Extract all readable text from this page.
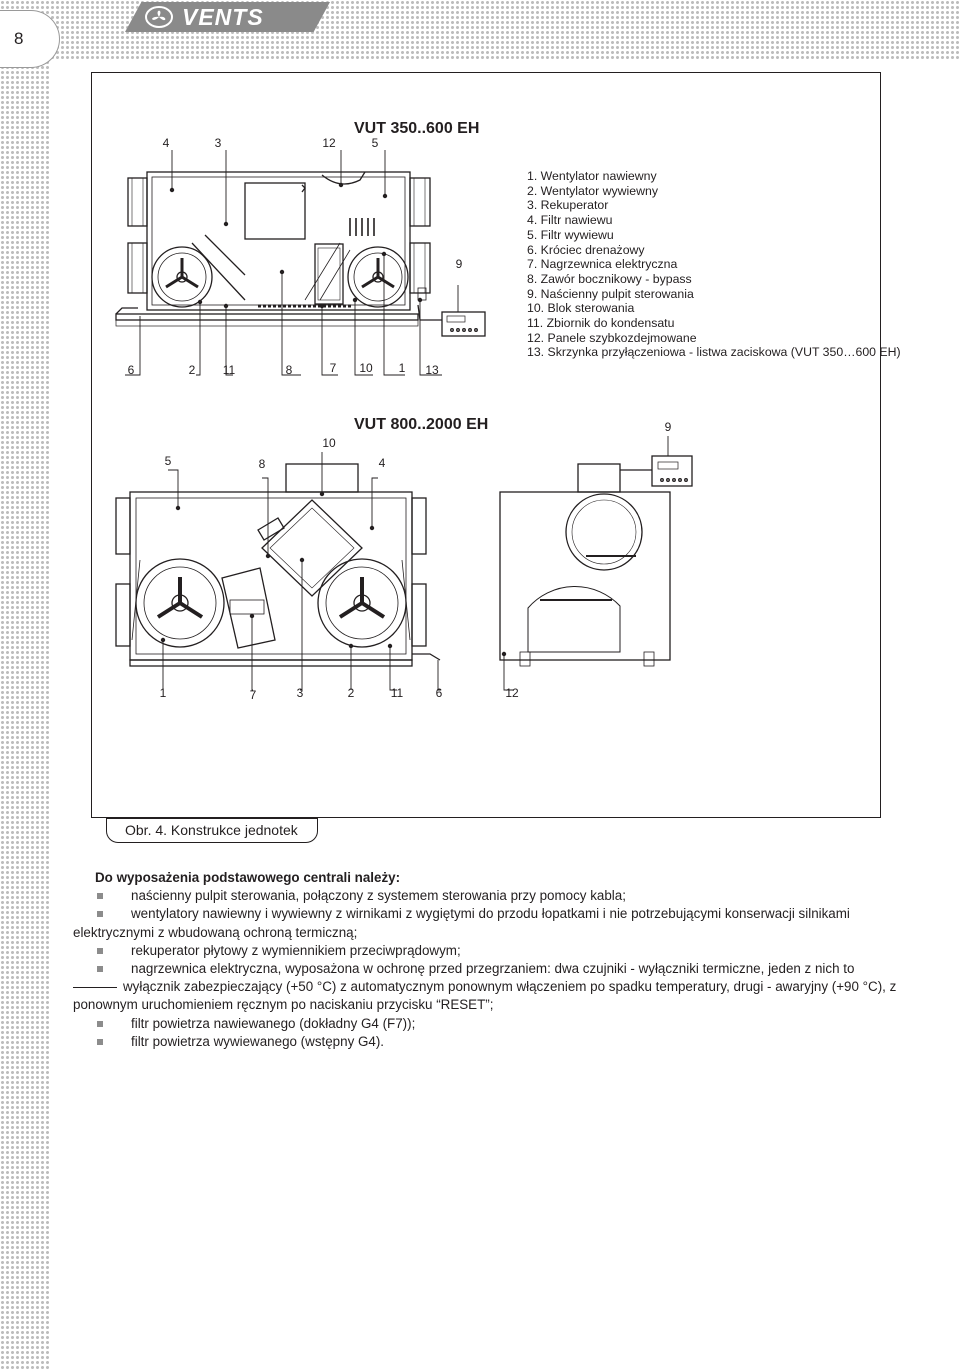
VENTS
8
VUT 350..600 EH
VUT 800..2000 EH
4	3	12	5
9
6	2 11	8	7 10 1 13
5	8
10
4
9
1	7	3	2	11	6	12
1. Wentylator nawiewny
2. Wentylator wywiewny
3. Rekuperator
4. Filtr nawiewu
5. Filtr wywiewu
6. Króciec drenażowy
7. Nagrzewnica elektryczna
8. Zawór bocznikowy - bypass
9. Naścienny pulpit sterowania
10. Blok sterowania
11. Zbiornik do kondensatu
12. Panele szybkozdejmowane
13. Skrzynka przyłączeniowa - listwa zaciskowa (VUT 350…600 EH)
Obr. 4. Konstrukce jednotek
Do wyposażenia podstawowego centrali należy:
naścienny pulpit sterowania, połączony z systemem sterowania przy pomocy kabla;
wentylatory nawiewny i wywiewny z wirnikami z wygiętymi do przodu łopatkami i nie potrzebującymi konserwacji silnikami elektrycznymi z wbudowaną ochroną termiczną;
rekuperator płytowy z wymiennikiem przeciwprądowym;
nagrzewnica elektryczna, wyposażona w ochronę przed przegrzaniem: dwa czujniki - wyłączniki termiczne, jeden z nich to
wyłącznik zabezpieczający (+50 °C) z automatycznym ponownym włączeniem po spadku temperatury, drugi - awaryjny (+90 °C), z ponownym uruchomieniem ręcznym po naciskaniu przycisku “RESET”;
filtr powietrza nawiewanego (dokładny G4 (F7));
filtr powietrza wywiewanego (wstępny G4).
